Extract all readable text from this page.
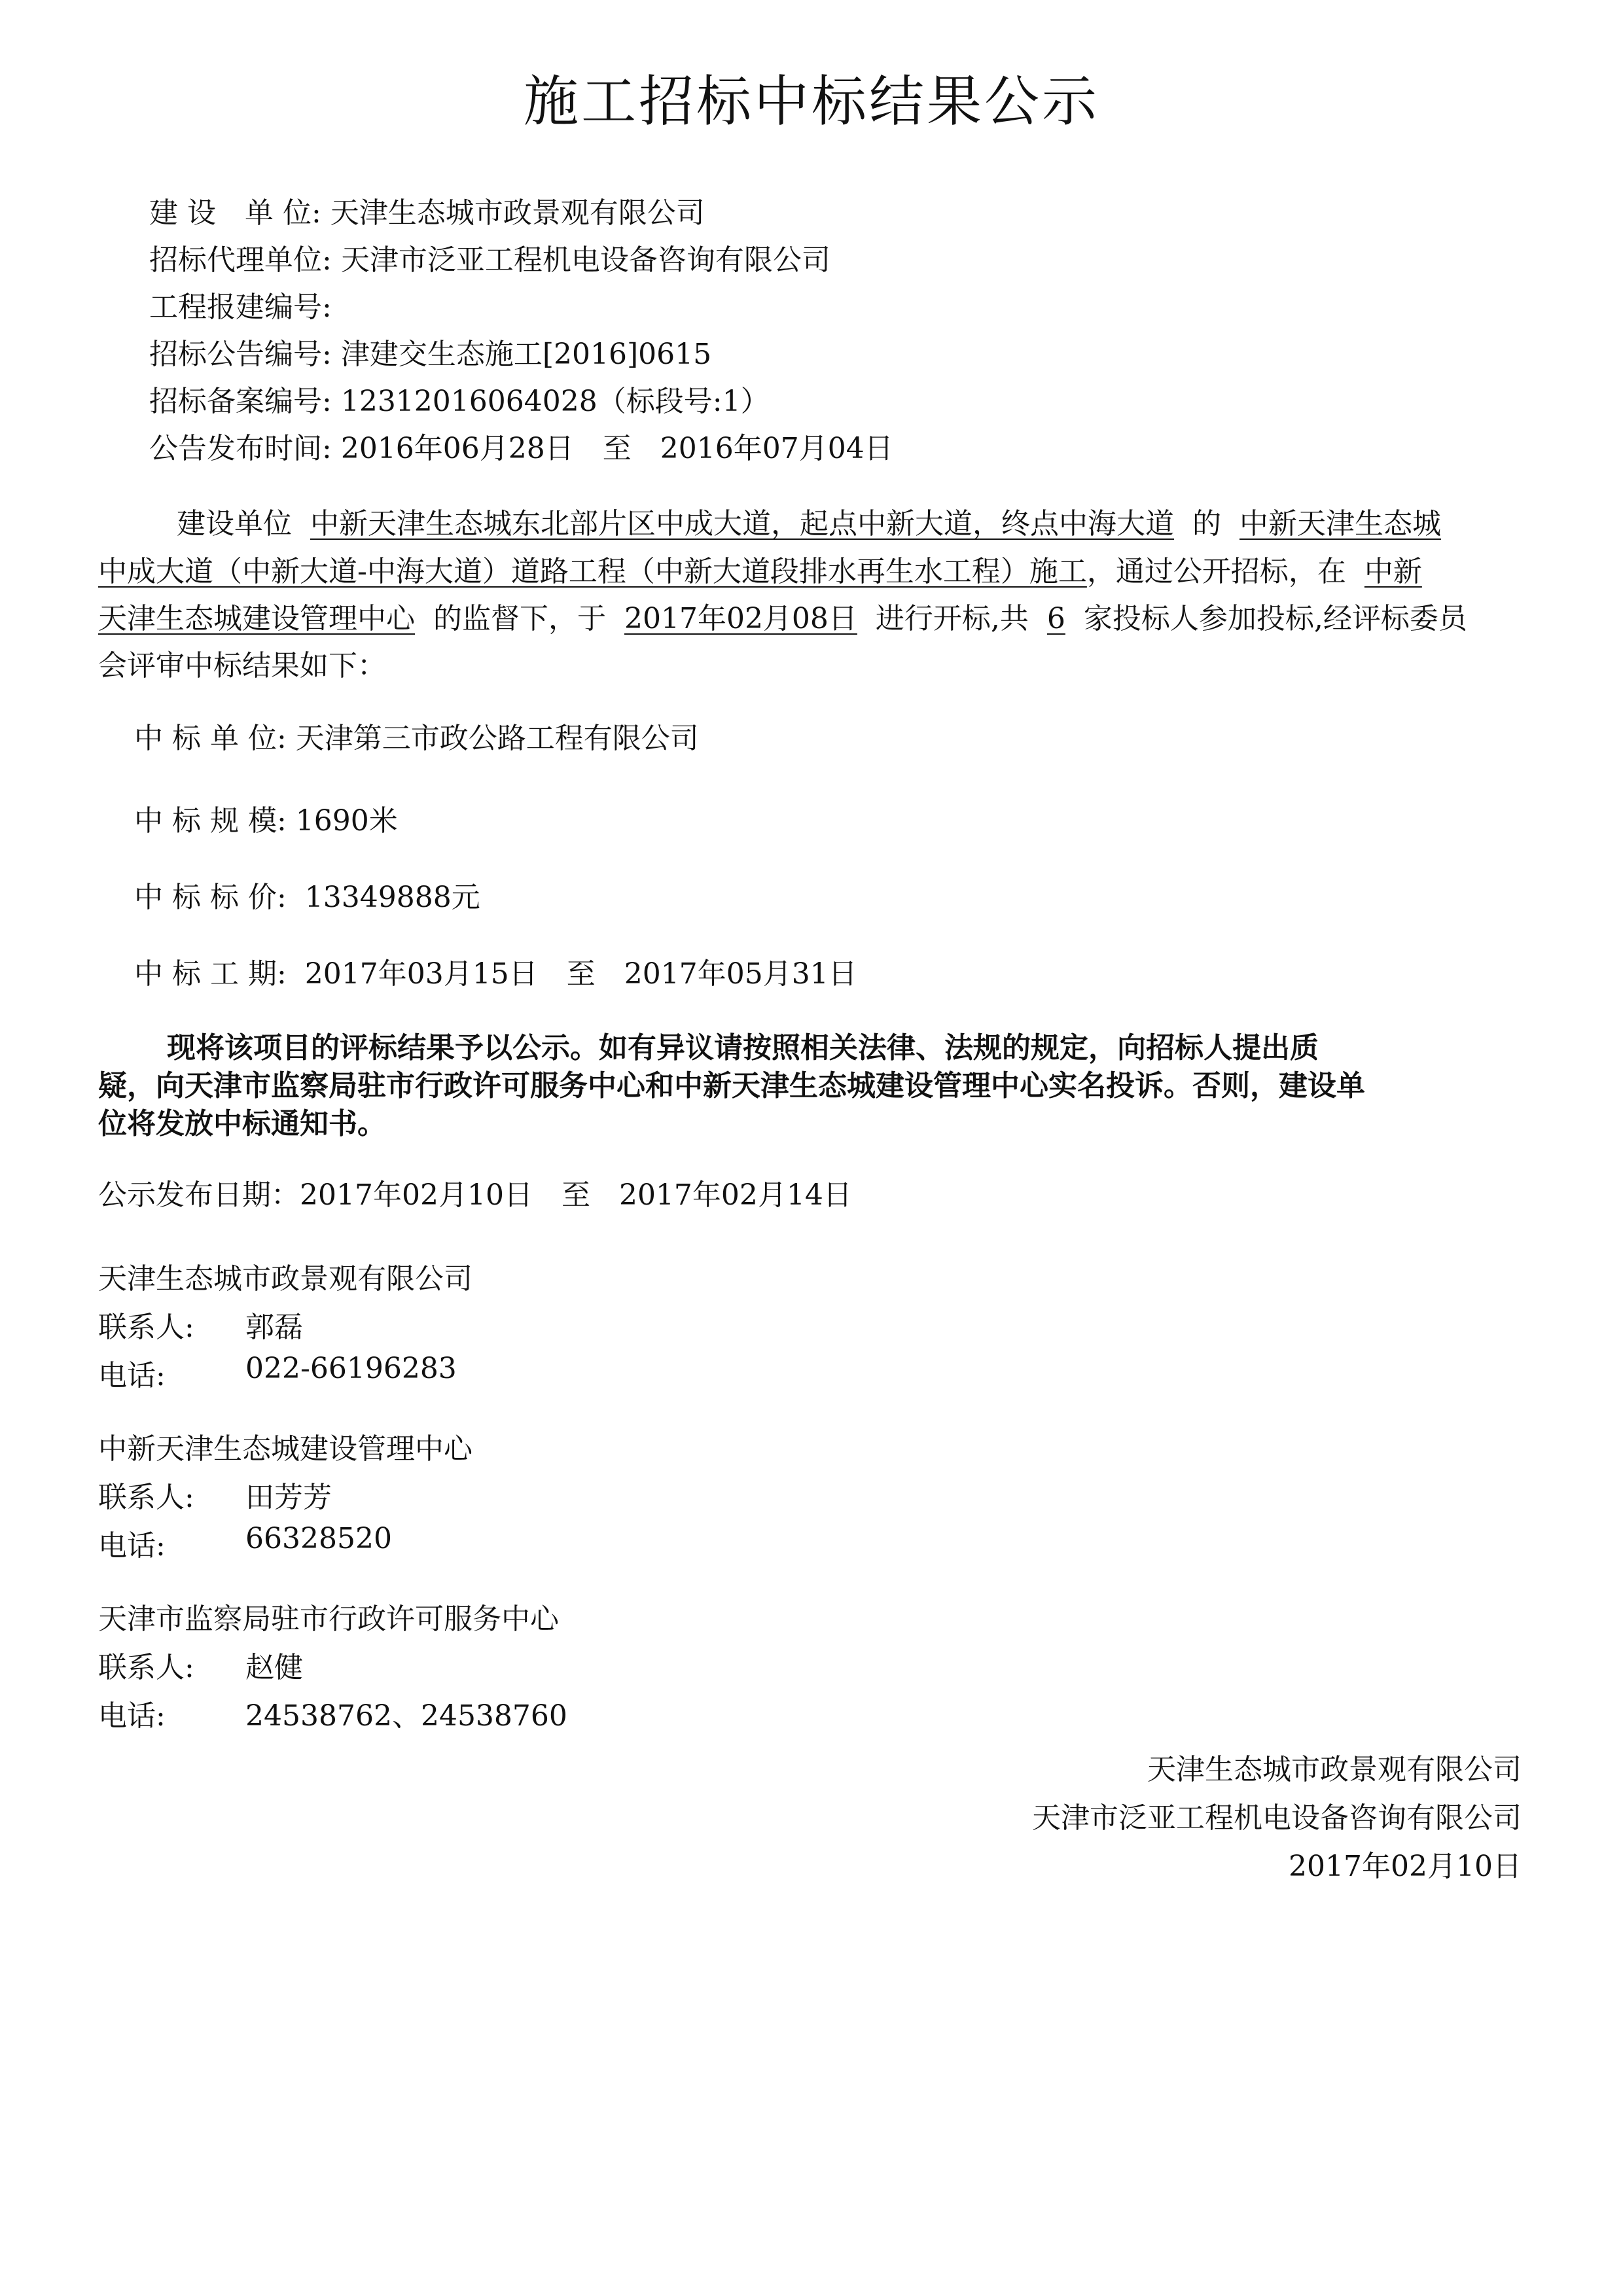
施工招标中标结果公示
建 设　单 位: 天津生态城市政景观有限公司
招标代理单位: 天津市泛亚工程机电设备咨询有限公司
工程报建编号:
招标公告编号: 津建交生态施工[2016]0615
招标备案编号: 12312016064028（标段号:1）
公告发布时间: 2016年06月28日　至　2016年07月04日
建设单位 中新天津生态城东北部片区中成大道，起点中新大道，终点中海大道 的 中新天津生态城
中成大道（中新大道-中海大道）道路工程（中新大道段排水再生水工程）施工，通过公开招标，在 中新
天津生态城建设管理中心 的监督下，于 2017年02月08日 进行开标,共 6 家投标人参加投标,经评标委员
会评审中标结果如下：
中 标 单 位: 天津第三市政公路工程有限公司
中 标 规 模: 1690米
中 标 标 价: 13349888元
中 标 工 期: 2017年03月15日　至　2017年05月31日
现将该项目的评标结果予以公示。如有异议请按照相关法律、法规的规定，向招标人提出质
疑，向天津市监察局驻市行政许可服务中心和中新天津生态城建设管理中心实名投诉。否则，建设单
位将发放中标通知书。
公示发布日期：2017年02月10日　至　2017年02月14日
天津生态城市政景观有限公司
联系人: 郭磊
电话:	022-66196283
中新天津生态城建设管理中心
联系人: 田芳芳
电话:	66328520
天津市监察局驻市行政许可服务中心
联系人: 赵健
电话:	24538762、24538760
天津生态城市政景观有限公司
天津市泛亚工程机电设备咨询有限公司
2017年02月10日
